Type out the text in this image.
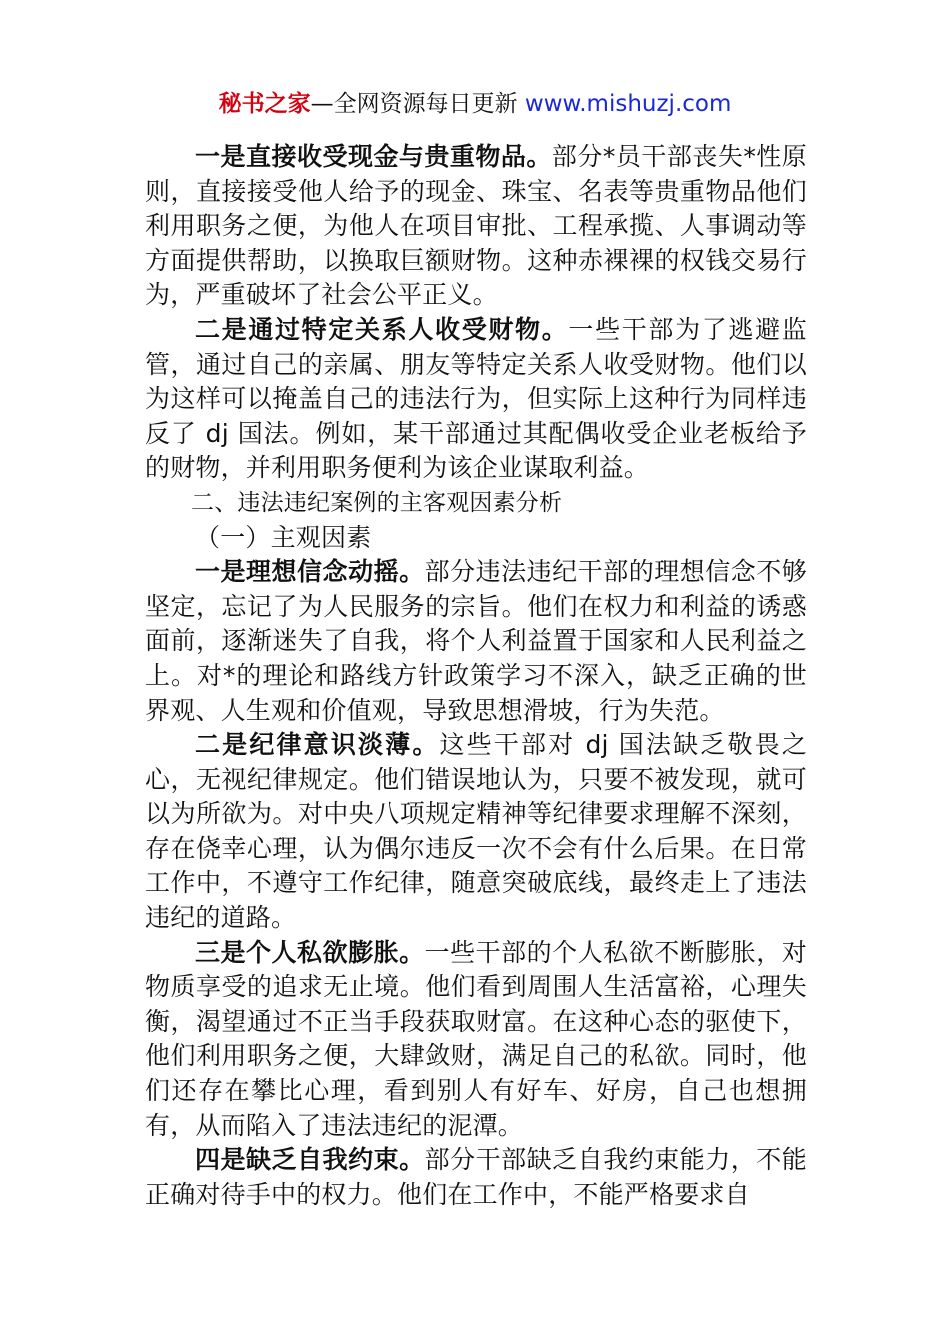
秘书之家—全网资源每日更新 www.mishuzj.com

一是直接收受现金与贵重物品。部分*员干部丧失*性原则，直接接受他人给予的现金、珠宝、名表等贵重物品他们利用职务之便，为他人在项目审批、工程承揽、人事调动等方面提供帮助，以换取巨额财物。这种赤裸裸的权钱交易行为，严重破坏了社会公平正义。

二是通过特定关系人收受财物。一些干部为了逃避监管，通过自己的亲属、朋友等特定关系人收受财物。他们以为这样可以掩盖自己的违法行为，但实际上这种行为同样违反了 dj 国法。例如，某干部通过其配偶收受企业老板给予的财物，并利用职务便利为该企业谋取利益。

二、违法违纪案例的主客观因素分析

（一）主观因素

一是理想信念动摇。部分违法违纪干部的理想信念不够坚定，忘记了为人民服务的宗旨。他们在权力和利益的诱惑面前，逐渐迷失了自我，将个人利益置于国家和人民利益之上。对*的理论和路线方针政策学习不深入，缺乏正确的世界观、人生观和价值观，导致思想滑坡，行为失范。

二是纪律意识淡薄。这些干部对 dj 国法缺乏敬畏之心，无视纪律规定。他们错误地认为，只要不被发现，就可以为所欲为。对中央八项规定精神等纪律要求理解不深刻，存在侥幸心理，认为偶尔违反一次不会有什么后果。在日常工作中，不遵守工作纪律，随意突破底线，最终走上了违法违纪的道路。

三是个人私欲膨胀。一些干部的个人私欲不断膨胀，对物质享受的追求无止境。他们看到周围人生活富裕，心理失衡，渴望通过不正当手段获取财富。在这种心态的驱使下，他们利用职务之便，大肆敛财，满足自己的私欲。同时，他们还存在攀比心理，看到别人有好车、好房，自己也想拥有，从而陷入了违法违纪的泥潭。

四是缺乏自我约束。部分干部缺乏自我约束能力，不能正确对待手中的权力。他们在工作中，不能严格要求自
